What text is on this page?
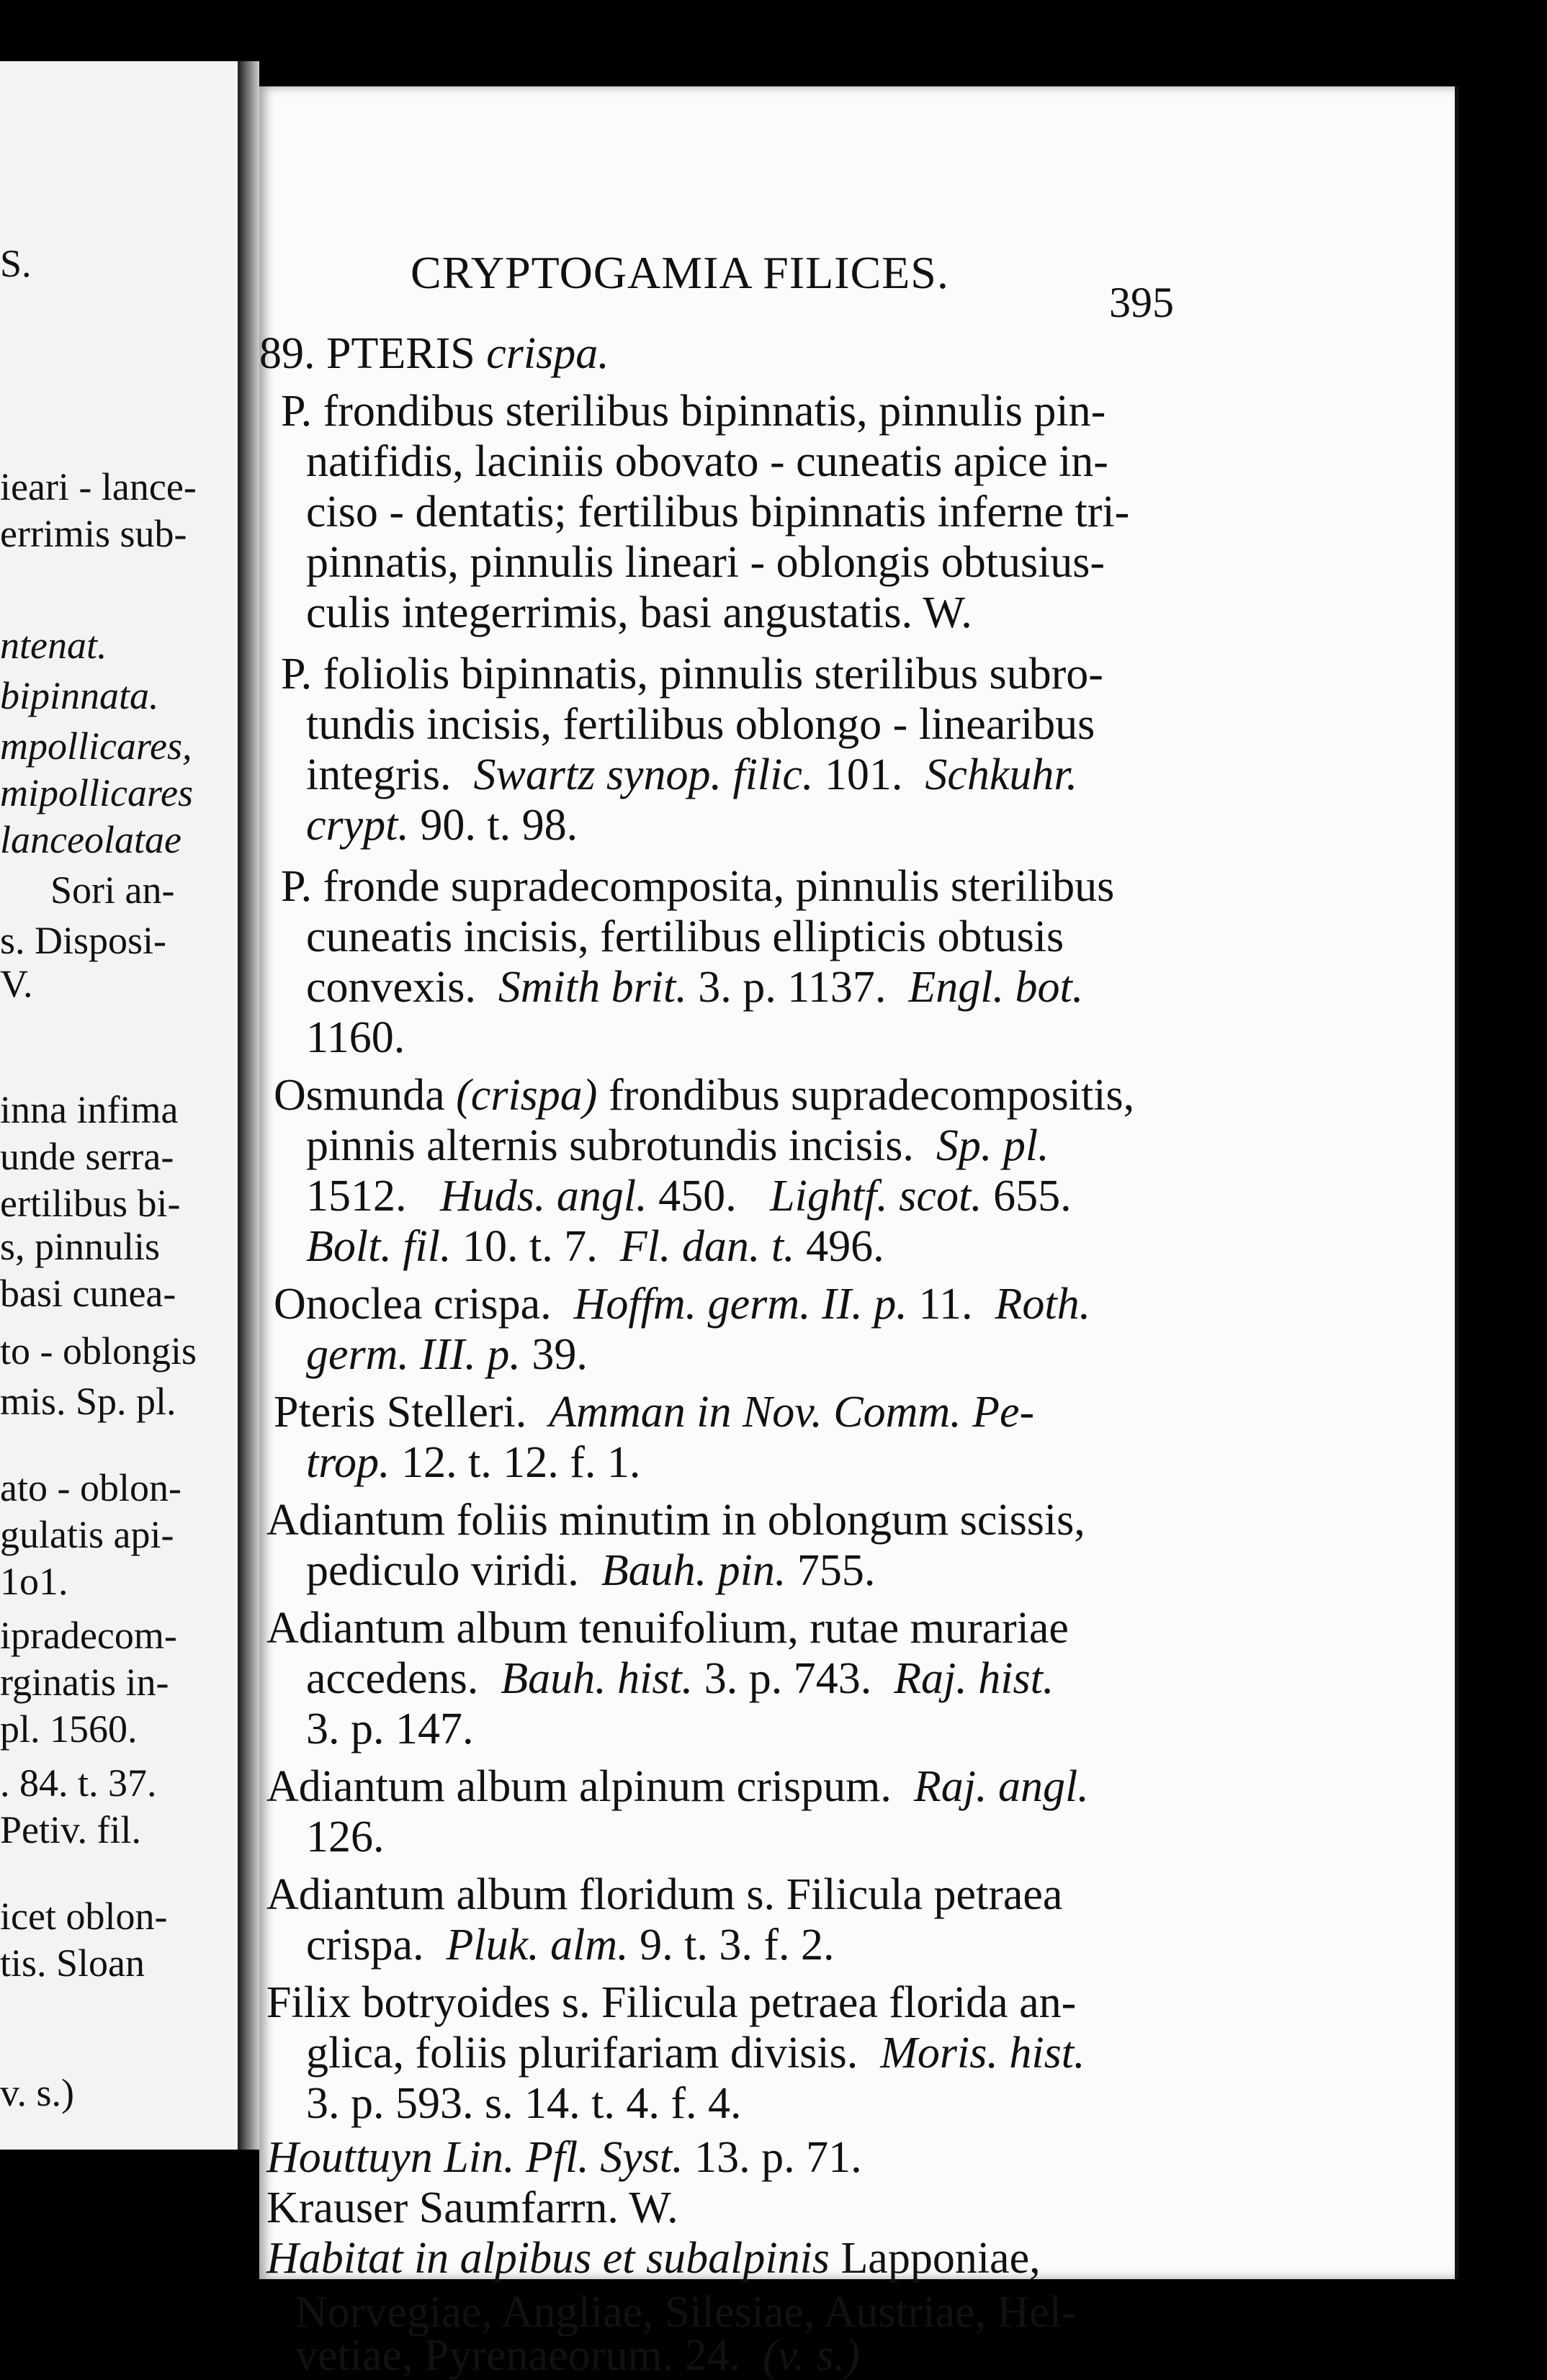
S.
ieari - lance-
errimis sub-
ntenat.
bipinnata.
mpollicares,
mipollicares
lanceolatae
Sori an-
s. Disposi-
V.
inna infima
unde serra-
ertilibus bi-
s, pinnulis
basi cunea-
to - oblongis
mis. Sp. pl.
ato - oblon-
gulatis api-
1o1.
ipradecom-
rginatis in-
pl. 1560.
. 84. t. 37.
Petiv. fil.
icet oblon-
tis. Sloan
v. s.)
CRYPTOGAMIA FILICES.
395
89. PTERIS crispa.
P. frondibus sterilibus bipinnatis, pinnulis pin-
natifidis, laciniis obovato - cuneatis apice in-
ciso - dentatis; fertilibus bipinnatis inferne tri-
pinnatis, pinnulis lineari - oblongis obtusius-
culis integerrimis, basi angustatis. W.
P. foliolis bipinnatis, pinnulis sterilibus subro-
tundis incisis, fertilibus oblongo - linearibus
integris. Swartz synop. filic. 101. Schkuhr.
crypt. 90. t. 98.
P. fronde supradecomposita, pinnulis sterilibus
cuneatis incisis, fertilibus ellipticis obtusis
convexis. Smith brit. 3. p. 1137. Engl. bot.
1160.
Osmunda (crispa) frondibus supradecompositis,
pinnis alternis subrotundis incisis. Sp. pl.
1512. Huds. angl. 450. Lightf. scot. 655.
Bolt. fil. 10. t. 7. Fl. dan. t. 496.
Onoclea crispa. Hoffm. germ. II. p. 11. Roth.
germ. III. p. 39.
Pteris Stelleri. Amman in Nov. Comm. Pe-
trop. 12. t. 12. f. 1.
Adiantum foliis minutim in oblongum scissis,
pediculo viridi. Bauh. pin. 755.
Adiantum album tenuifolium, rutae murariae
accedens. Bauh. hist. 3. p. 743. Raj. hist.
3. p. 147.
Adiantum album alpinum crispum. Raj. angl.
126.
Adiantum album floridum s. Filicula petraea
crispa. Pluk. alm. 9. t. 3. f. 2.
Filix botryoides s. Filicula petraea florida an-
glica, foliis plurifariam divisis. Moris. hist.
3. p. 593. s. 14. t. 4. f. 4.
Houttuyn Lin. Pfl. Syst. 13. p. 71.
Krauser Saumfarrn. W.
Habitat in alpibus et subalpinis Lapponiae,
Norvegiae, Angliae, Silesiae, Austriae, Hel-
vetiae, Pyrenaeorum. 24. (v. s.)
